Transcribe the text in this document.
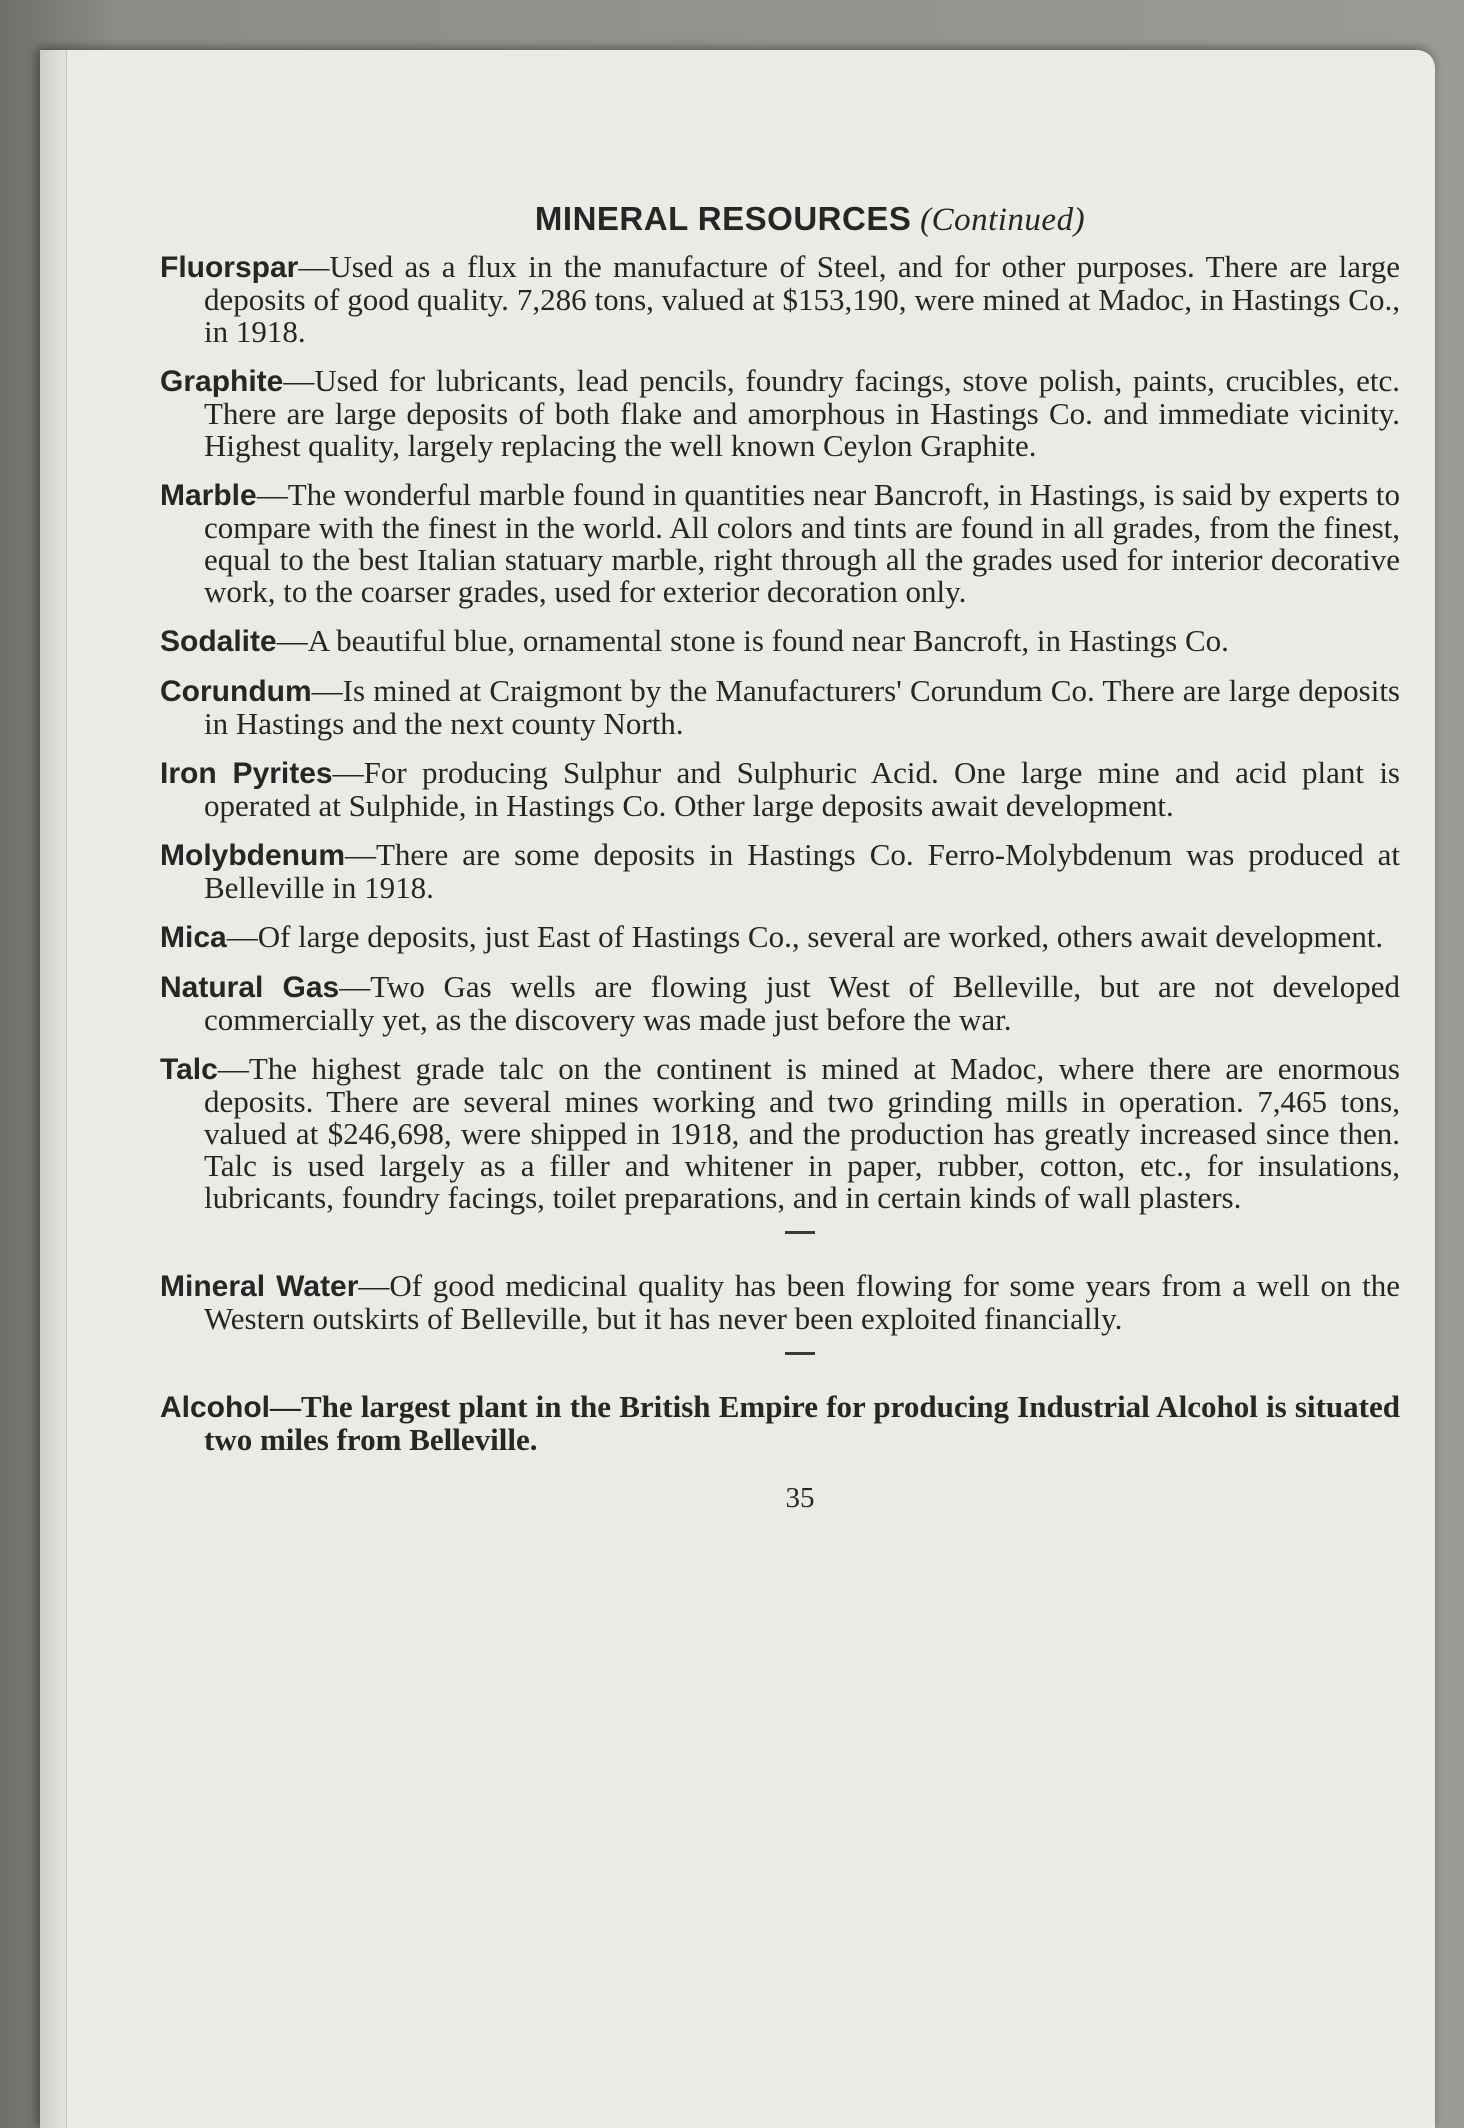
MINERAL RESOURCES (Continued)

Fluorspar—Used as a flux in the manufacture of Steel, and for other purposes. There are large deposits of good quality. 7,286 tons, valued at $153,190, were mined at Madoc, in Hastings Co., in 1918.

Graphite—Used for lubricants, lead pencils, foundry facings, stove polish, paints, crucibles, etc. There are large deposits of both flake and amorphous in Hastings Co. and immediate vicinity. Highest quality, largely replacing the well known Ceylon Graphite.

Marble—The wonderful marble found in quantities near Bancroft, in Hastings, is said by experts to compare with the finest in the world. All colors and tints are found in all grades, from the finest, equal to the best Italian statuary marble, right through all the grades used for interior decorative work, to the coarser grades, used for exterior decoration only.

Sodalite—A beautiful blue, ornamental stone is found near Bancroft, in Hastings Co.

Corundum—Is mined at Craigmont by the Manufacturers' Corundum Co. There are large deposits in Hastings and the next county North.

Iron Pyrites—For producing Sulphur and Sulphuric Acid. One large mine and acid plant is operated at Sulphide, in Hastings Co. Other large deposits await development.

Molybdenum—There are some deposits in Hastings Co. Ferro-Molybdenum was produced at Belleville in 1918.

Mica—Of large deposits, just East of Hastings Co., several are worked, others await development.

Natural Gas—Two Gas wells are flowing just West of Belleville, but are not developed commercially yet, as the discovery was made just before the war.

Talc—The highest grade talc on the continent is mined at Madoc, where there are enormous deposits. There are several mines working and two grinding mills in operation. 7,465 tons, valued at $246,698, were shipped in 1918, and the production has greatly increased since then. Talc is used largely as a filler and whitener in paper, rubber, cotton, etc., for insulations, lubricants, foundry facings, toilet preparations, and in certain kinds of wall plasters.

Mineral Water—Of good medicinal quality has been flowing for some years from a well on the Western outskirts of Belleville, but it has never been exploited financially.

Alcohol—The largest plant in the British Empire for producing Industrial Alcohol is situated two miles from Belleville.

35
